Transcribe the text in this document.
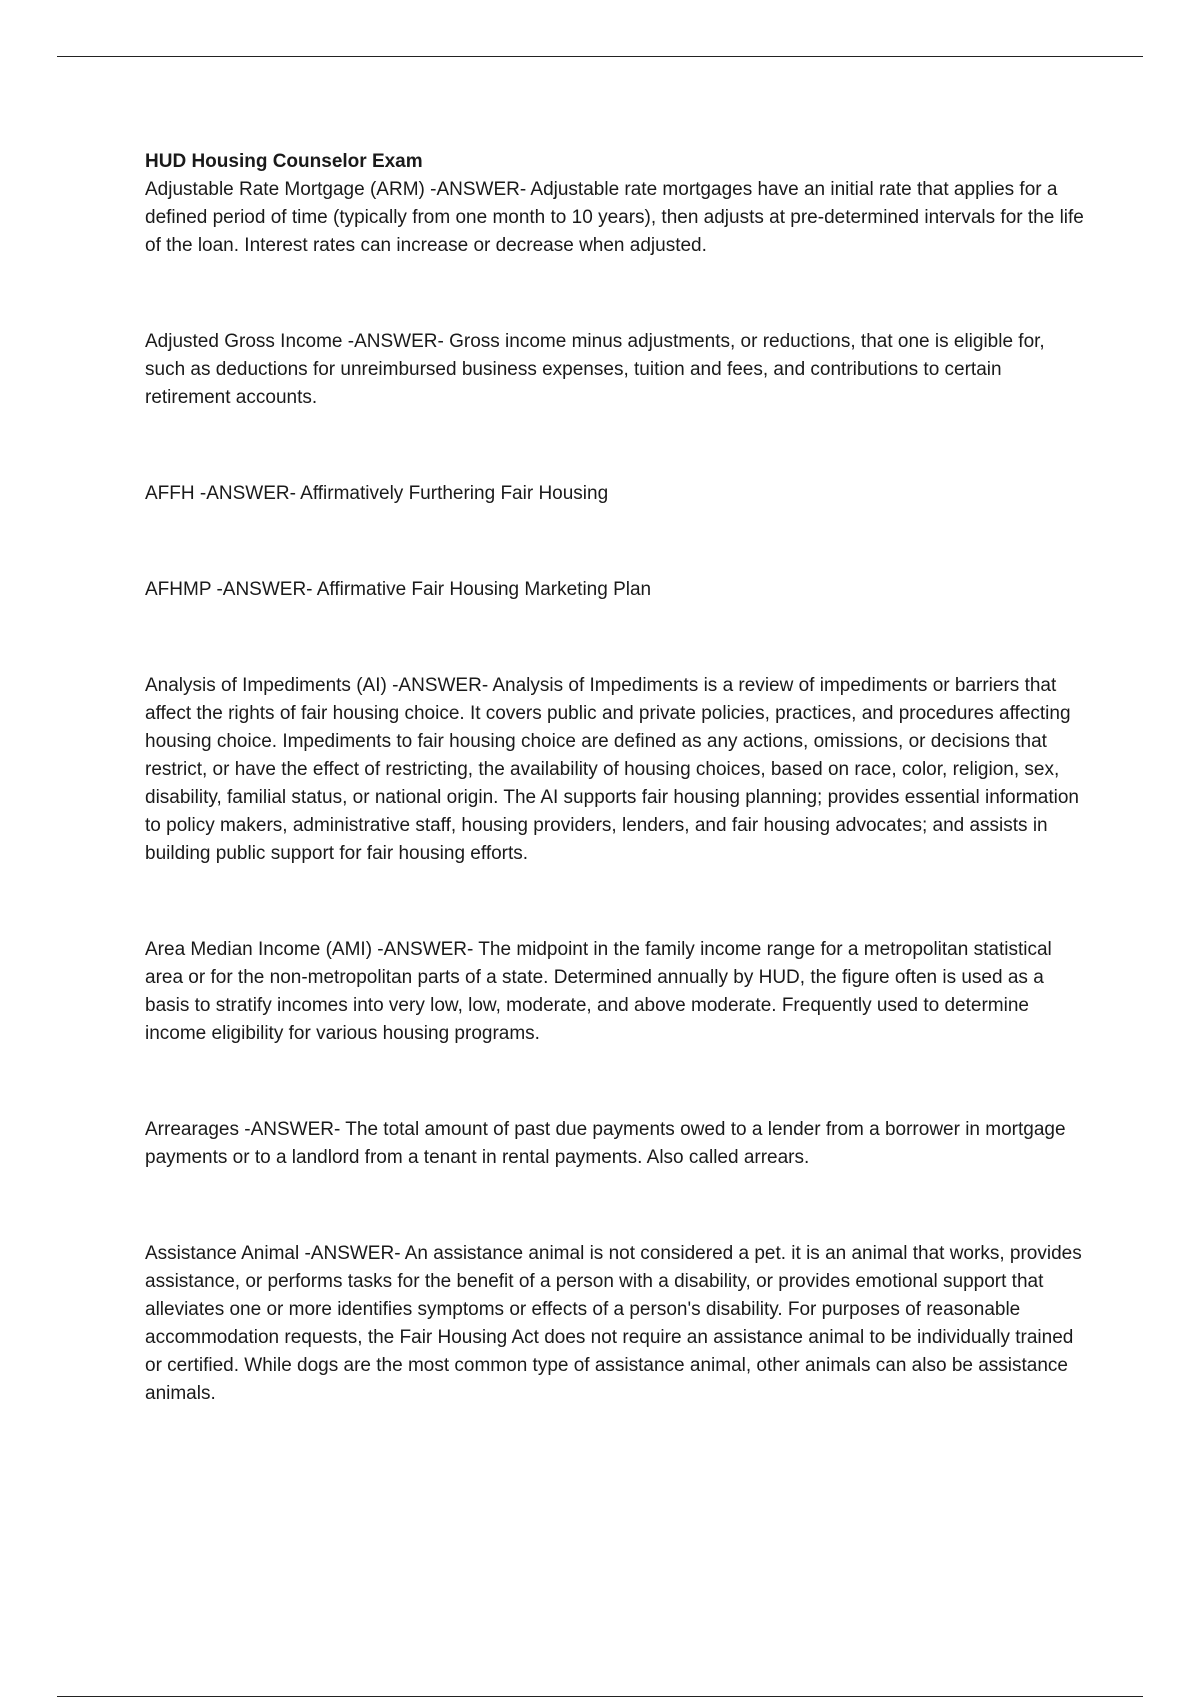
HUD Housing Counselor Exam

Adjustable Rate Mortgage (ARM) -ANSWER- Adjustable rate mortgages have an initial rate that applies for a defined period of time (typically from one month to 10 years), then adjusts at pre-determined intervals for the life of the loan. Interest rates can increase or decrease when adjusted.

Adjusted Gross Income -ANSWER- Gross income minus adjustments, or reductions, that one is eligible for, such as deductions for unreimbursed business expenses, tuition and fees, and contributions to certain retirement accounts.

AFFH -ANSWER- Affirmatively Furthering Fair Housing

AFHMP -ANSWER- Affirmative Fair Housing Marketing Plan

Analysis of Impediments (AI) -ANSWER- Analysis of Impediments is a review of impediments or barriers that affect the rights of fair housing choice. It covers public and private policies, practices, and procedures affecting housing choice. Impediments to fair housing choice are defined as any actions, omissions, or decisions that restrict, or have the effect of restricting, the availability of housing choices, based on race, color, religion, sex, disability, familial status, or national origin. The AI supports fair housing planning; provides essential information to policy makers, administrative staff, housing providers, lenders, and fair housing advocates; and assists in building public support for fair housing efforts.

Area Median Income (AMI) -ANSWER- The midpoint in the family income range for a metropolitan statistical area or for the non-metropolitan parts of a state. Determined annually by HUD, the figure often is used as a basis to stratify incomes into very low, low, moderate, and above moderate. Frequently used to determine income eligibility for various housing programs.

Arrearages -ANSWER- The total amount of past due payments owed to a lender from a borrower in mortgage payments or to a landlord from a tenant in rental payments. Also called arrears.

Assistance Animal -ANSWER- An assistance animal is not considered a pet. it is an animal that works, provides assistance, or performs tasks for the benefit of a person with a disability, or provides emotional support that alleviates one or more identifies symptoms or effects of a person's disability. For purposes of reasonable accommodation requests, the Fair Housing Act does not require an assistance animal to be individually trained or certified. While dogs are the most common type of assistance animal, other animals can also be assistance animals.
